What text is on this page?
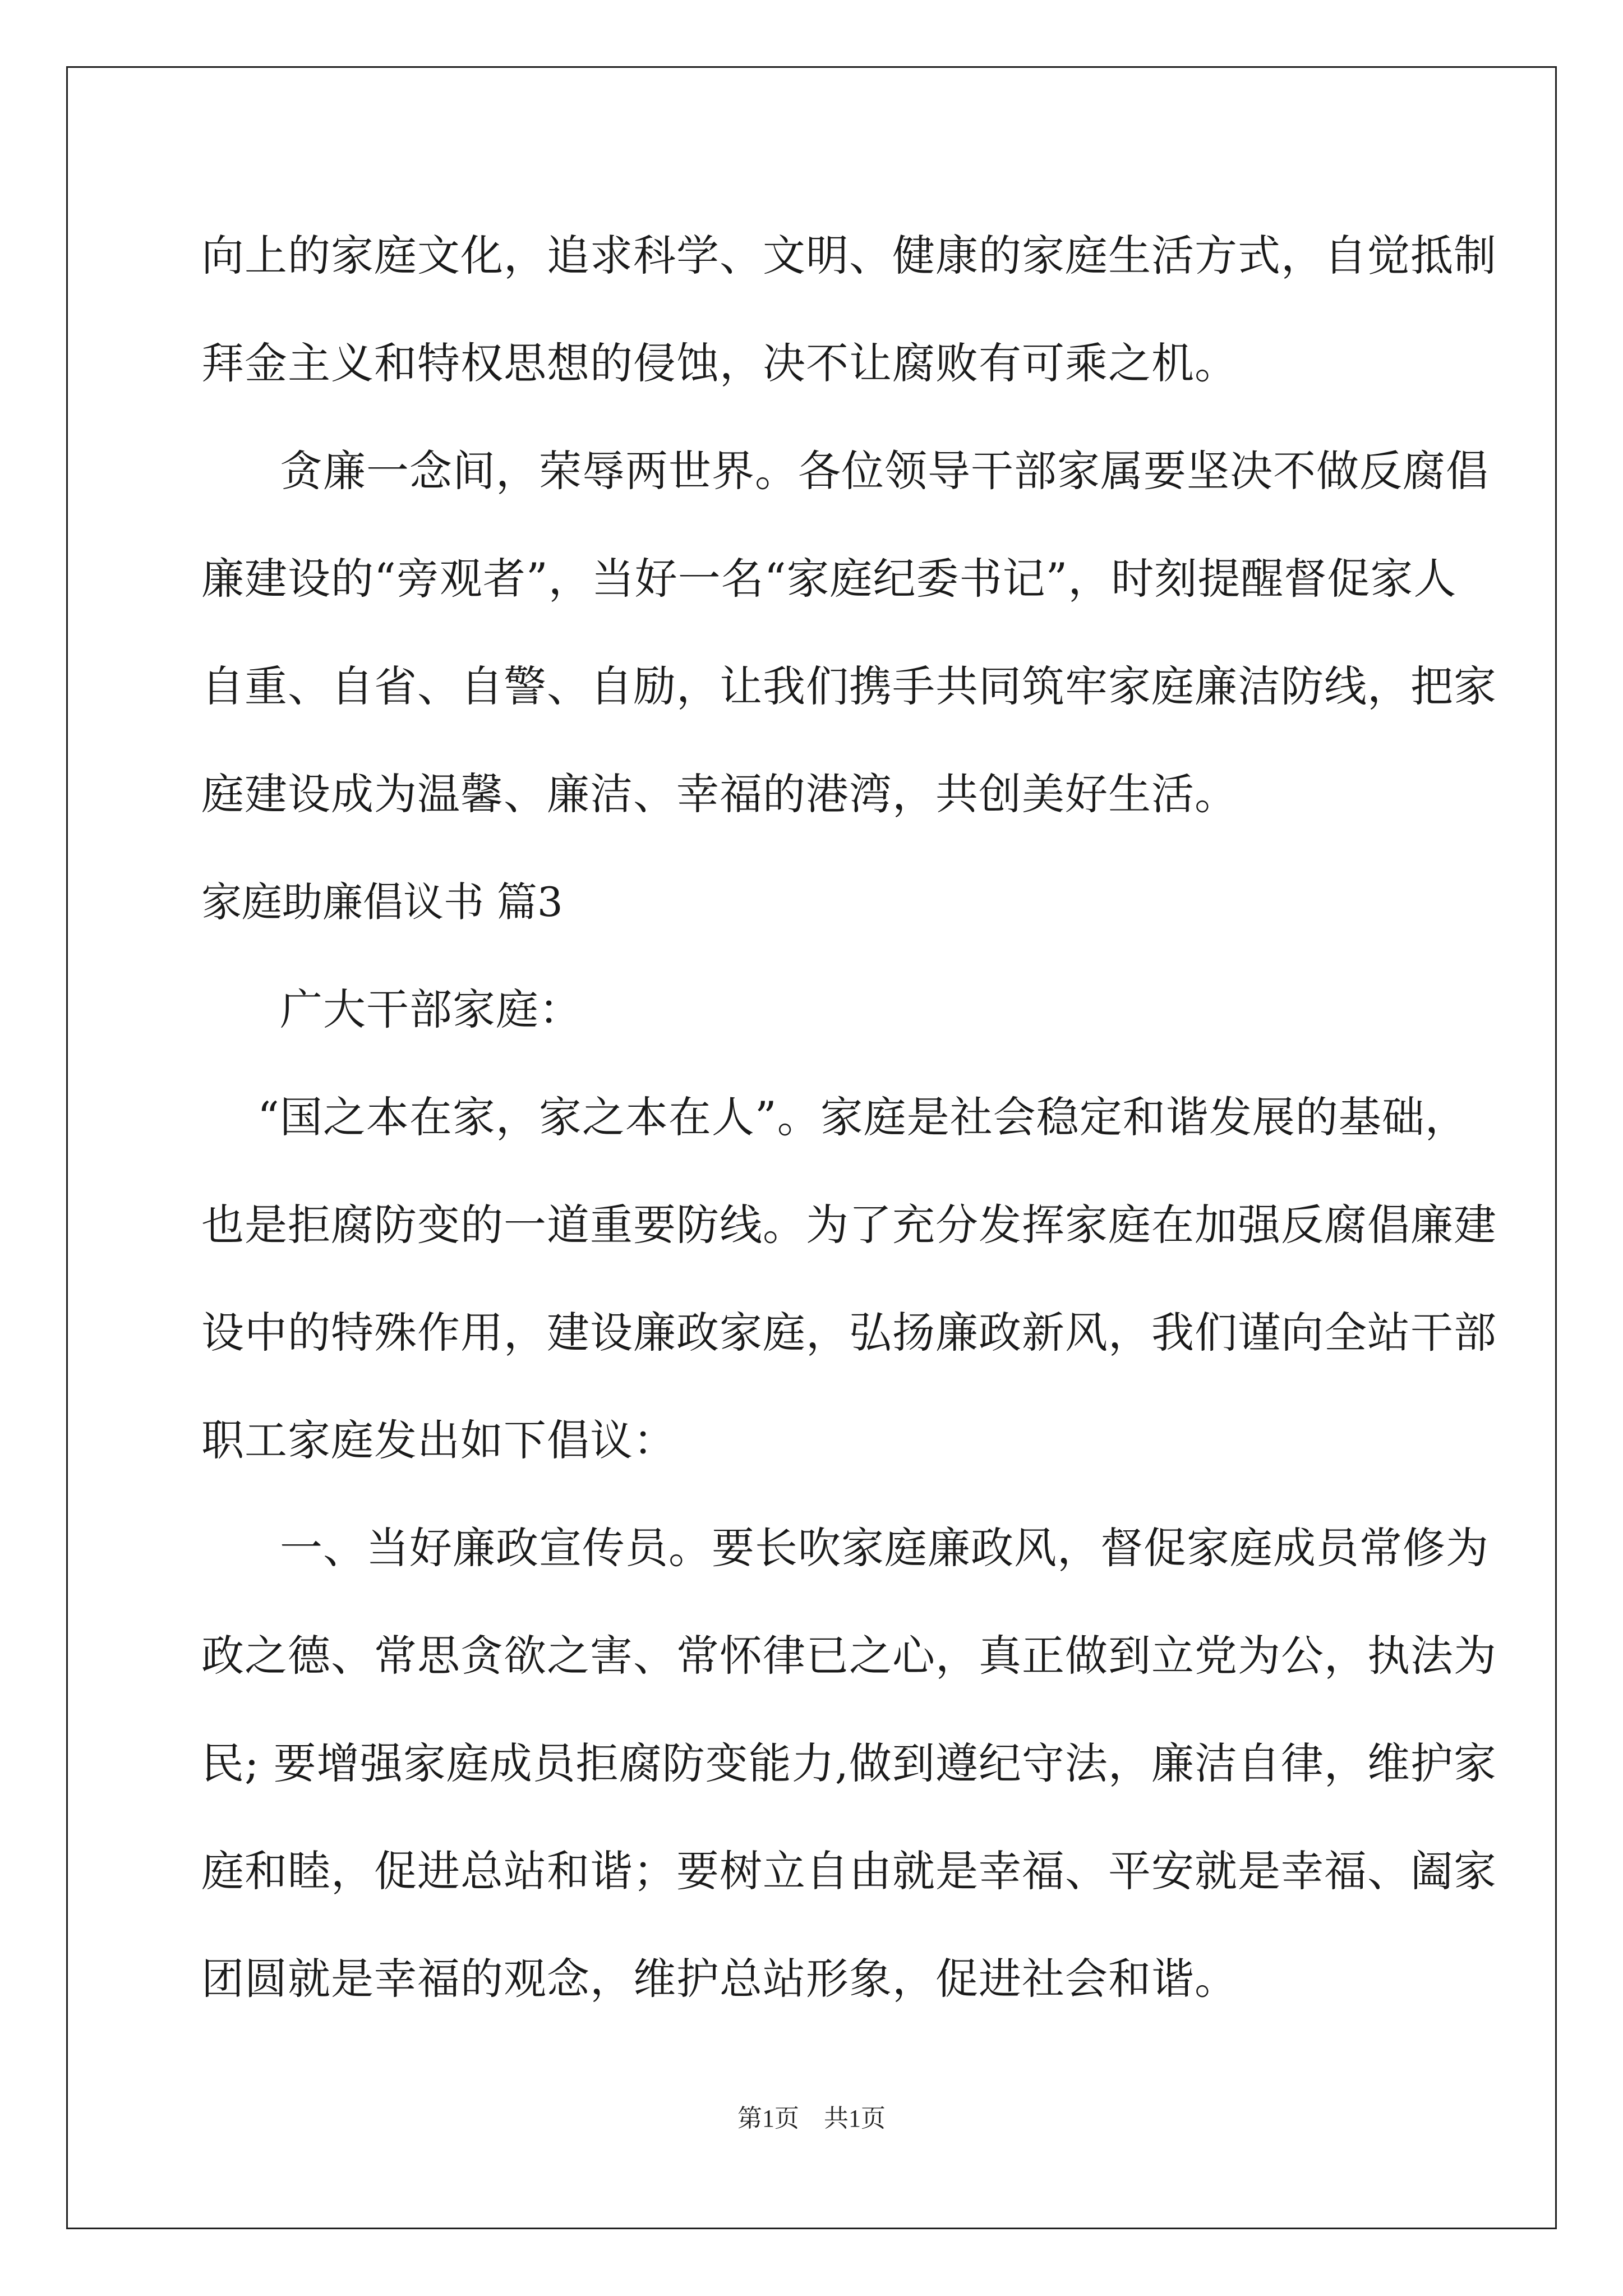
向上的家庭文化，追求科学、文明、健康的家庭生活方式，自觉抵制
拜金主义和特权思想的侵蚀，决不让腐败有可乘之机。
贪廉一念间，荣辱两世界。各位领导干部家属要坚决不做反腐倡
廉建设的“旁观者”，当好一名“家庭纪委书记”，时刻提醒督促家人
自重、自省、自警、自励，让我们携手共同筑牢家庭廉洁防线，把家
庭建设成为温馨、廉洁、幸福的港湾，共创美好生活。
家庭助廉倡议书 篇3
广大干部家庭：
“国之本在家，家之本在人”。家庭是社会稳定和谐发展的基础，
也是拒腐防变的一道重要防线。为了充分发挥家庭在加强反腐倡廉建
设中的特殊作用，建设廉政家庭，弘扬廉政新风，我们谨向全站干部
职工家庭发出如下倡议：
一、当好廉政宣传员。要长吹家庭廉政风，督促家庭成员常修为
政之德、常思贪欲之害、常怀律已之心，真正做到立党为公，执法为
民; 要增强家庭成员拒腐防变能力,做到遵纪守法，廉洁自律，维护家
庭和睦，促进总站和谐；要树立自由就是幸福、平安就是幸福、阖家
团圆就是幸福的观念，维护总站形象，促进社会和谐。
第1页　共1页
